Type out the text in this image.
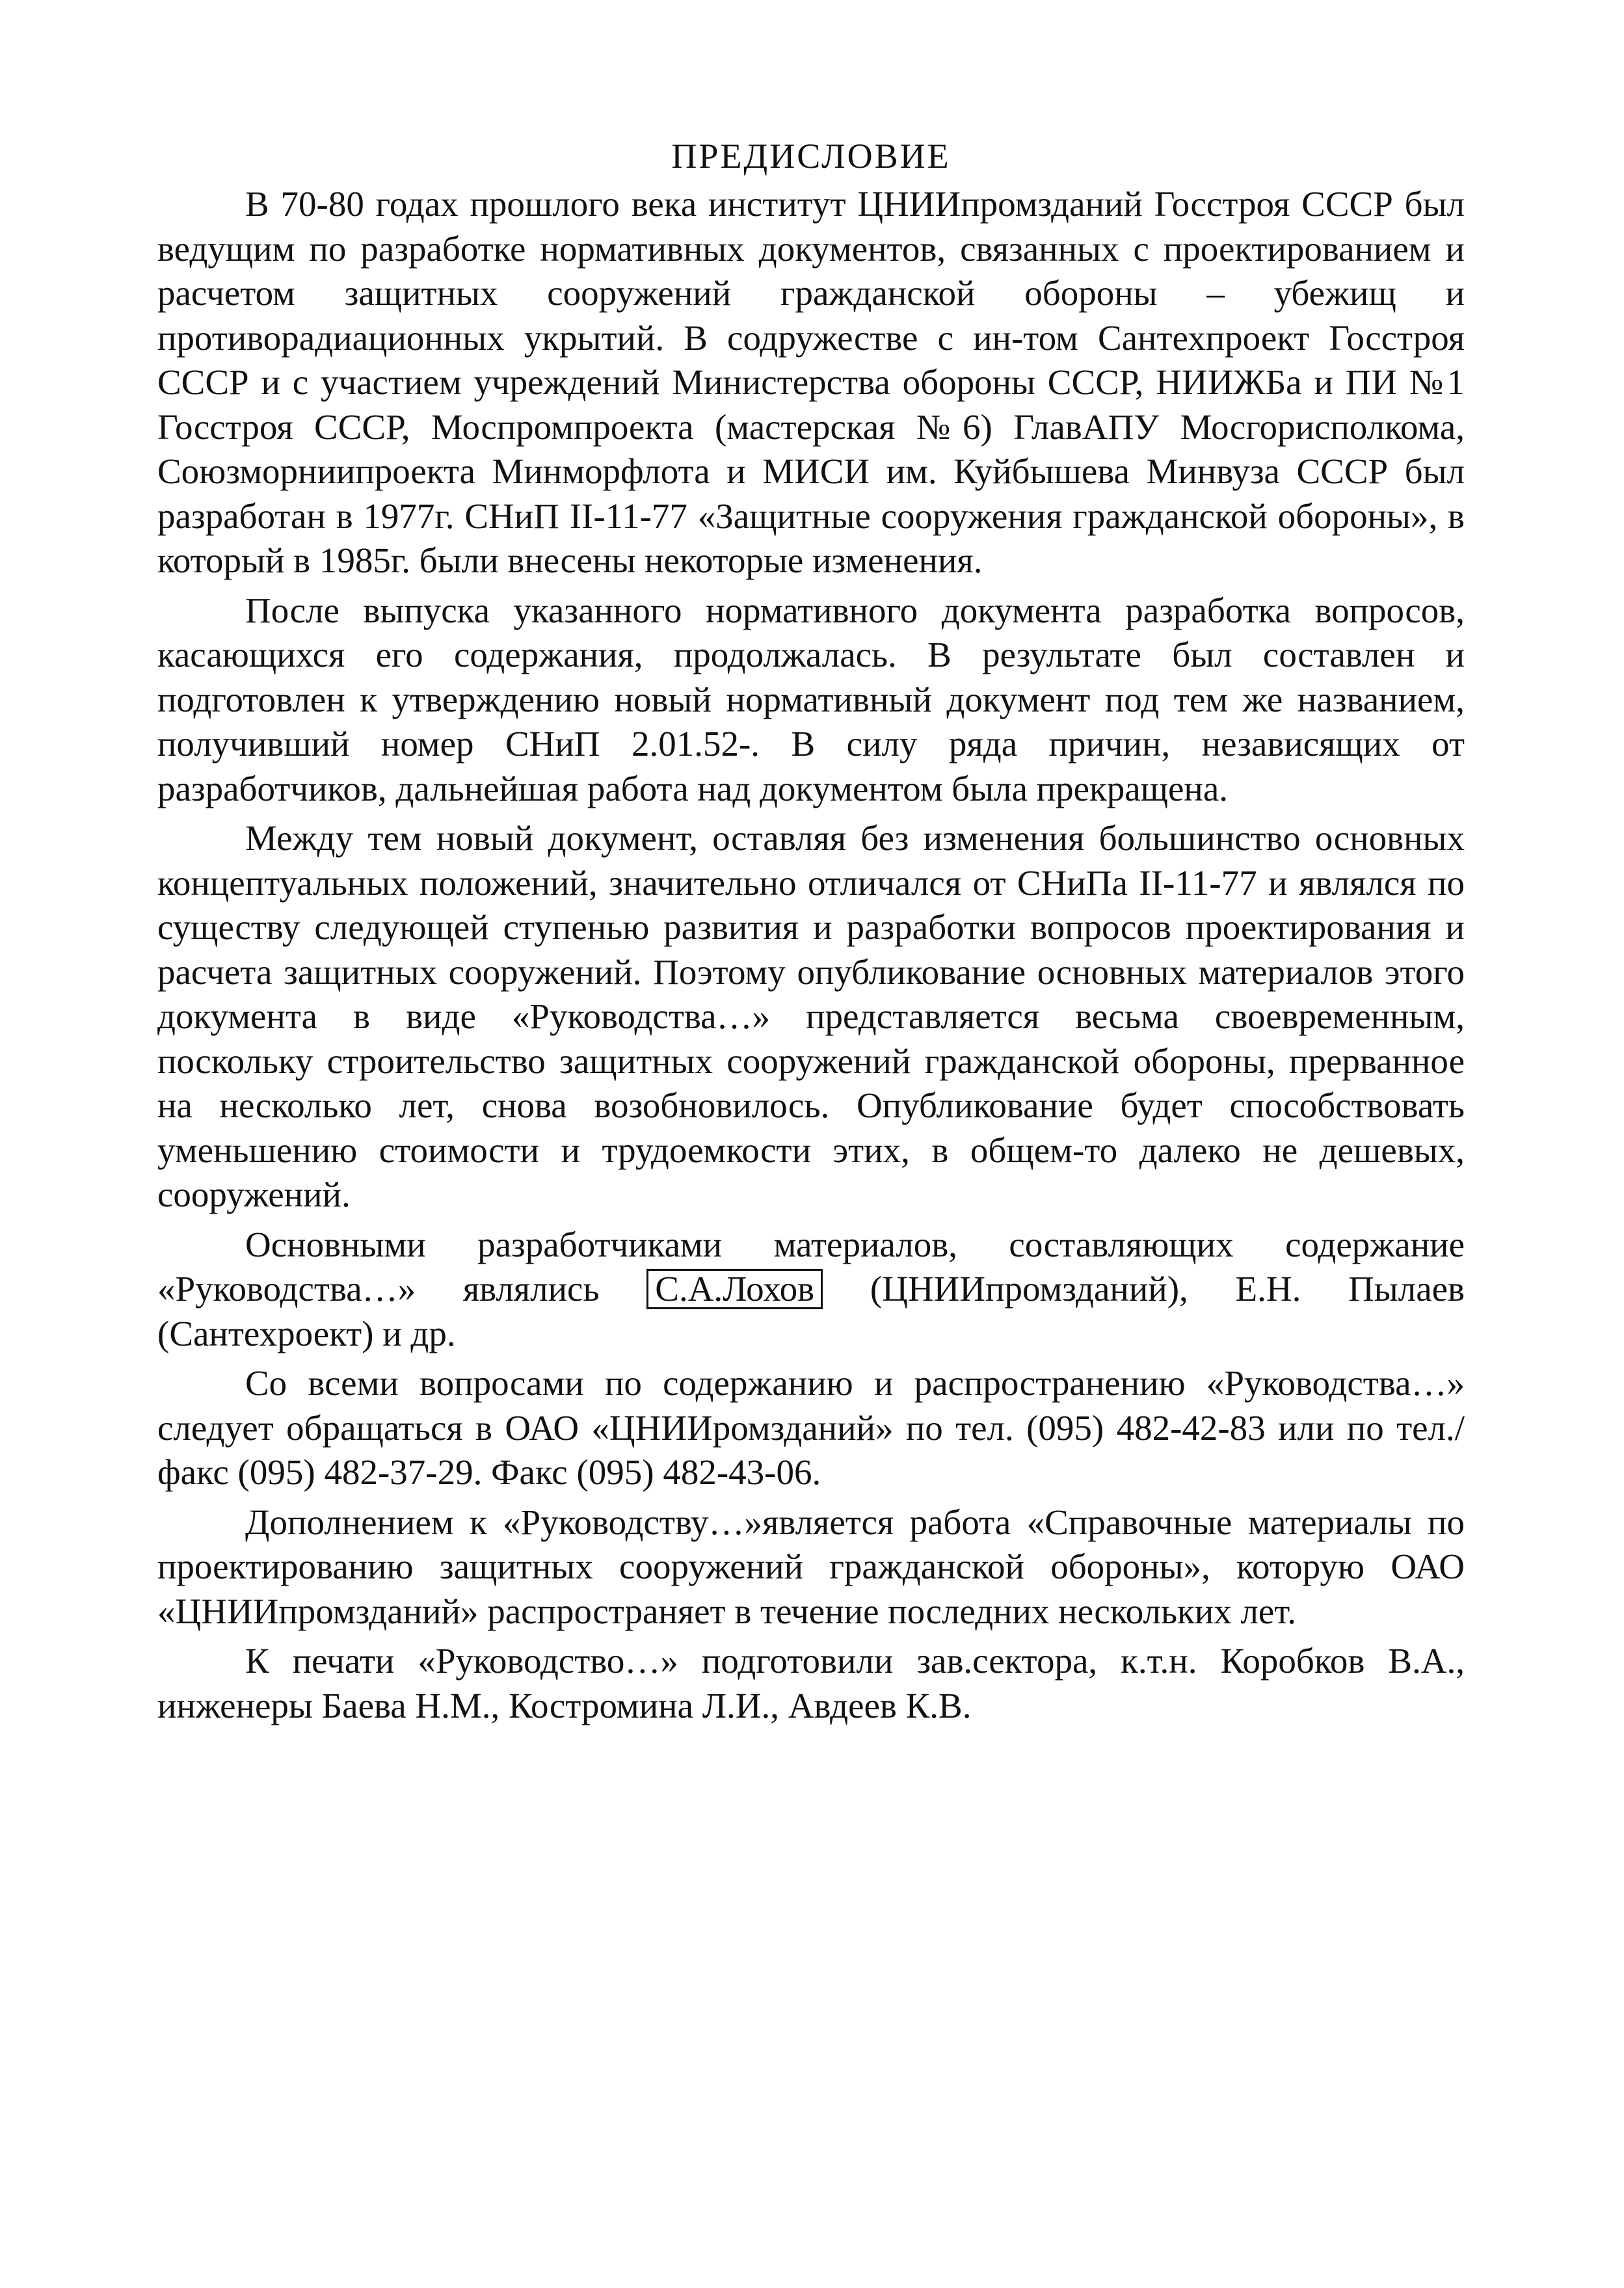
ПРЕДИСЛОВИЕ

В 70-80 годах прошлого века институт ЦНИИпромзданий Госстроя СССР был ведущим по разработке нормативных документов, связанных с проектированием и расчетом защитных сооружений гражданской обороны – убежищ и противорадиационных укрытий. В содружестве с ин-том Сантехпроект Госстроя СССР и с участием учреждений Министерства обороны СССР, НИИЖБа и ПИ №1 Госстроя СССР, Моспромпроекта (мастерская №6) ГлавАПУ Мосгорисполкома, Союзморниипроекта Минморфлота и МИСИ им. Куйбышева Минвуза СССР был разработан в 1977г. СНиП II-11-77 «Защитные сооружения гражданской обороны», в который в 1985г. были внесены некоторые изменения.

После выпуска указанного нормативного документа разработка вопросов, касающихся его содержания, продолжалась. В результате был составлен и подготовлен к утверждению новый нормативный документ под тем же названием, получивший номер СНиП 2.01.52-. В силу ряда причин, независящих от разработчиков, дальнейшая работа над документом была прекращена.

Между тем новый документ, оставляя без изменения большинство основных концептуальных положений, значительно отличался от СНиПа II-11-77 и являлся по существу следующей ступенью развития и разработки вопросов проектирования и расчета защитных сооружений. Поэтому опубликование основных материалов этого документа в виде «Руководства…» представляется весьма своевременным, поскольку строительство защитных сооружений гражданской обороны, прерванное на несколько лет, снова возобновилось. Опубликование будет способствовать уменьшению стоимости и трудоемкости этих, в общем-то далеко не дешевых, сооружений.

Основными разработчиками материалов, составляющих содержание «Руководства…» являлись С.А.Лохов (ЦНИИпромзданий), Е.Н. Пылаев (Сантехроект) и др.

Со всеми вопросами по содержанию и распространению «Руководства…» следует обращаться в ОАО «ЦНИИромзданий» по тел. (095) 482-42-83 или по тел./факс (095) 482-37-29. Факс (095) 482-43-06.

Дополнением к «Руководству…»является работа «Справочные материалы по проектированию защитных сооружений гражданской обороны», которую ОАО «ЦНИИпромзданий» распространяет в течение последних нескольких лет.

К печати «Руководство…» подготовили зав.сектора, к.т.н. Коробков В.А., инженеры Баева Н.М., Костромина Л.И., Авдеев К.В.
